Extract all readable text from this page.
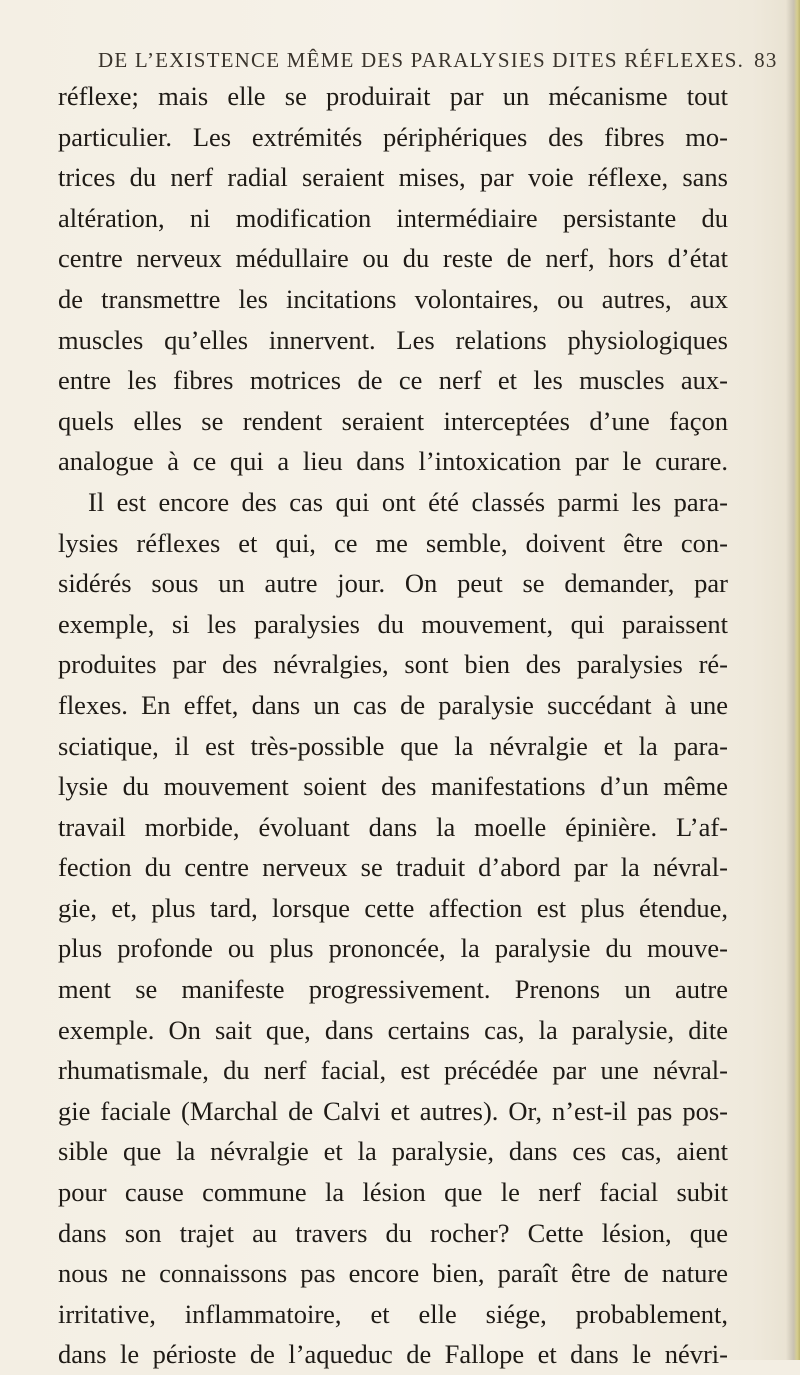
DE L’EXISTENCE MÊME DES PARALYSIES DITES RÉFLEXES. 83
réflexe; mais elle se produirait par un mécanisme tout
particulier. Les extrémités périphériques des fibres mo-
trices du nerf radial seraient mises, par voie réflexe, sans
altération, ni modification intermédiaire persistante du
centre nerveux médullaire ou du reste de nerf, hors d’état
de transmettre les incitations volontaires, ou autres, aux
muscles qu’elles innervent. Les relations physiologiques
entre les fibres motrices de ce nerf et les muscles aux-
quels elles se rendent seraient interceptées d’une façon
analogue à ce qui a lieu dans l’intoxication par le curare.
Il est encore des cas qui ont été classés parmi les para-
lysies réflexes et qui, ce me semble, doivent être con-
sidérés sous un autre jour. On peut se demander, par
exemple, si les paralysies du mouvement, qui paraissent
produites par des névralgies, sont bien des paralysies ré-
flexes. En effet, dans un cas de paralysie succédant à une
sciatique, il est très-possible que la névralgie et la para-
lysie du mouvement soient des manifestations d’un même
travail morbide, évoluant dans la moelle épinière. L’af-
fection du centre nerveux se traduit d’abord par la névral-
gie, et, plus tard, lorsque cette affection est plus étendue,
plus profonde ou plus prononcée, la paralysie du mouve-
ment se manifeste progressivement. Prenons un autre
exemple. On sait que, dans certains cas, la paralysie, dite
rhumatismale, du nerf facial, est précédée par une névral-
gie faciale (Marchal de Calvi et autres). Or, n’est-il pas pos-
sible que la névralgie et la paralysie, dans ces cas, aient
pour cause commune la lésion que le nerf facial subit
dans son trajet au travers du rocher? Cette lésion, que
nous ne connaissons pas encore bien, paraît être de nature
irritative, inflammatoire, et elle siége, probablement,
dans le périoste de l’aqueduc de Fallope et dans le névri-
